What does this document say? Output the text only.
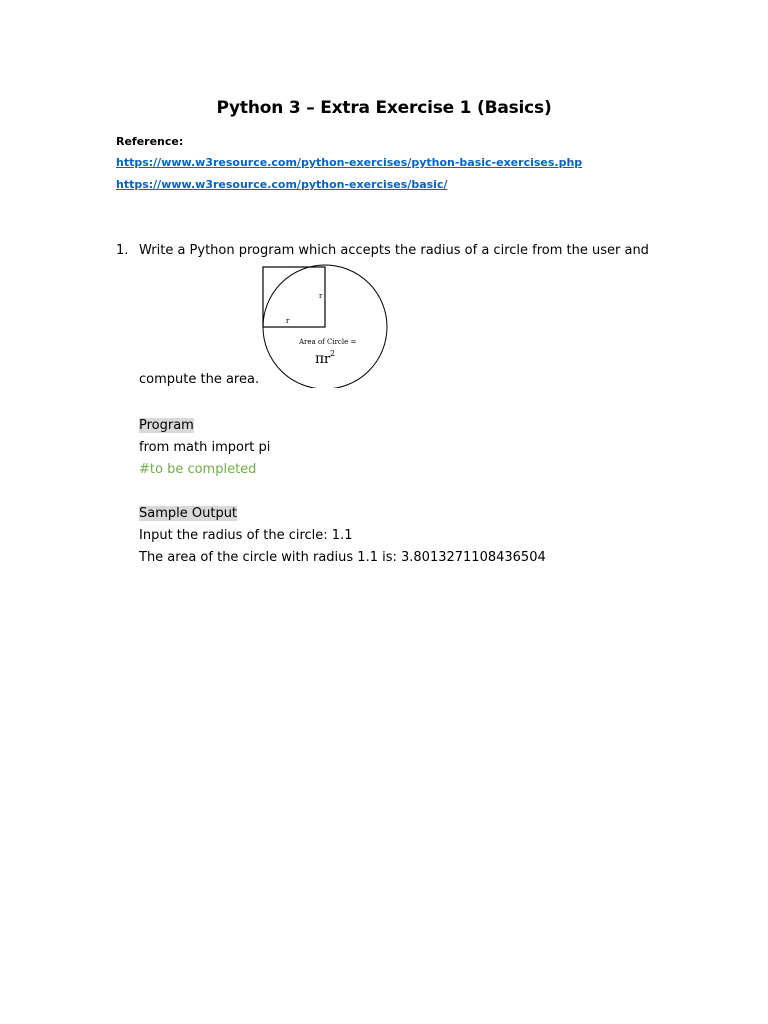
Python 3 – Extra Exercise 1 (Basics)
Reference:
https://www.w3resource.com/python-exercises/python-basic-exercises.php
https://www.w3resource.com/python-exercises/basic/
1. Write a Python program which accepts the radius of a circle from the user and
r
r
Area of Circle =
π r 2
compute the area.
Program
from math import pi
#to be completed
Sample Output
Input the radius of the circle: 1.1
The area of the circle with radius 1.1 is: 3.8013271108436504
